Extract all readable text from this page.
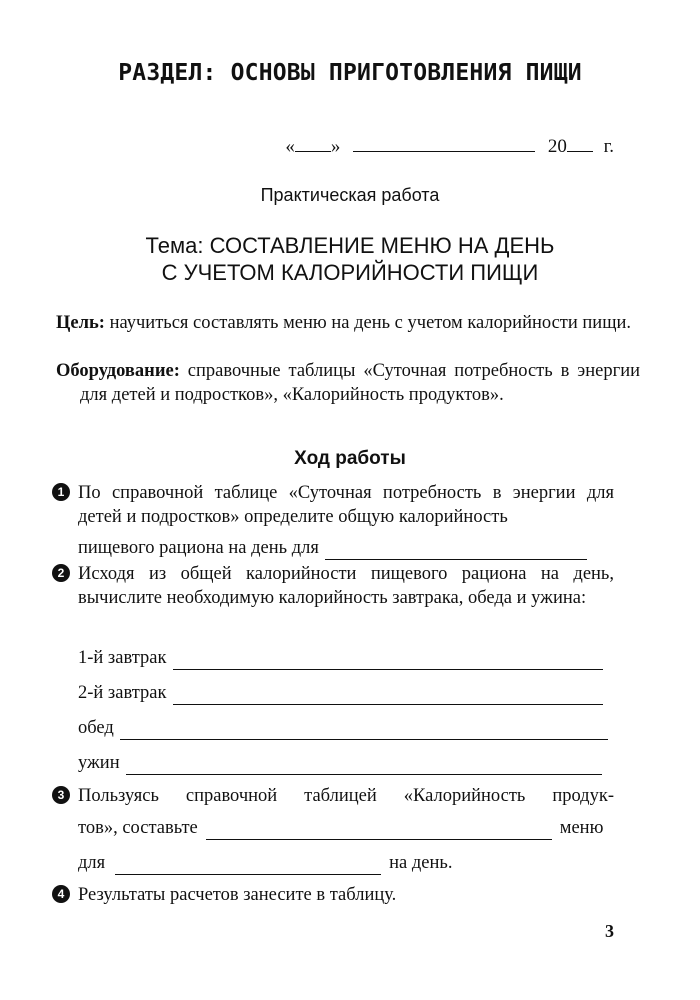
РАЗДЕЛ: ОСНОВЫ ПРИГОТОВЛЕНИЯ ПИЩИ
« »	20 г.
Практическая работа
Тема: СОСТАВЛЕНИЕ МЕНЮ НА ДЕНЬ
С УЧЕТОМ КАЛОРИЙНОСТИ ПИЩИ
Цель: научиться составлять меню на день с учетом калорийности пищи.
Оборудование: справочные таблицы «Суточная потребность в энергии для детей и подростков», «Калорийность продуктов».
Ход работы
1 По справочной таблице «Суточная потребность в энергии для детей и подростков» определите общую калорийность
пищевого рациона на день для
2 Исходя из общей калорийности пищевого рациона на день, вычислите необходимую калорийность завтрака, обеда и ужина:
1-й завтрак
2-й завтрак
обед
ужин
3 Пользуясь справочной таблицей «Калорийность продук-
тов», составьте	меню
для	на день.
4 Результаты расчетов занесите в таблицу.
3
